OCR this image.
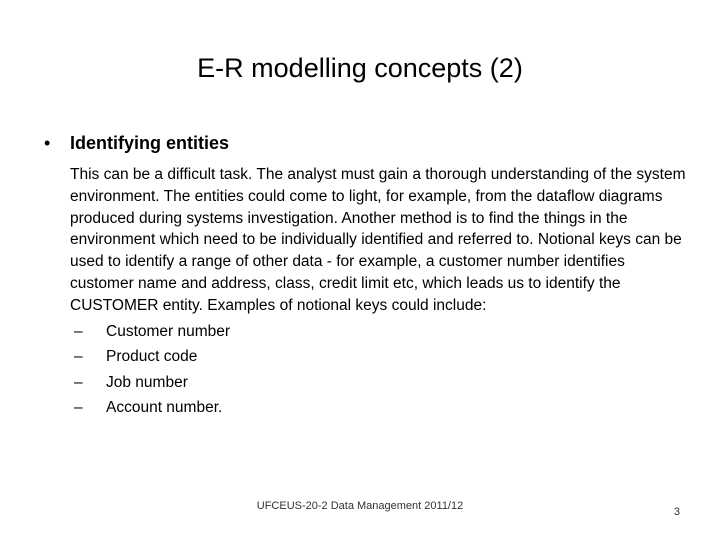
E-R modelling concepts (2)
• Identifying entities

This can be a difficult task. The analyst must gain a thorough understanding of the system environment. The entities could come to light, for example, from the dataflow diagrams produced during systems investigation. Another method is to find the things in the environment which need to be individually identified and referred to. Notional keys can be used to identify a range of other data - for example, a customer number identifies customer name and address, class, credit limit etc, which leads us to identify the CUSTOMER entity. Examples of notional keys could include:

– Customer number
– Product code
– Job number
– Account number.
UFCEUS-20-2 Data Management 2011/12	3
